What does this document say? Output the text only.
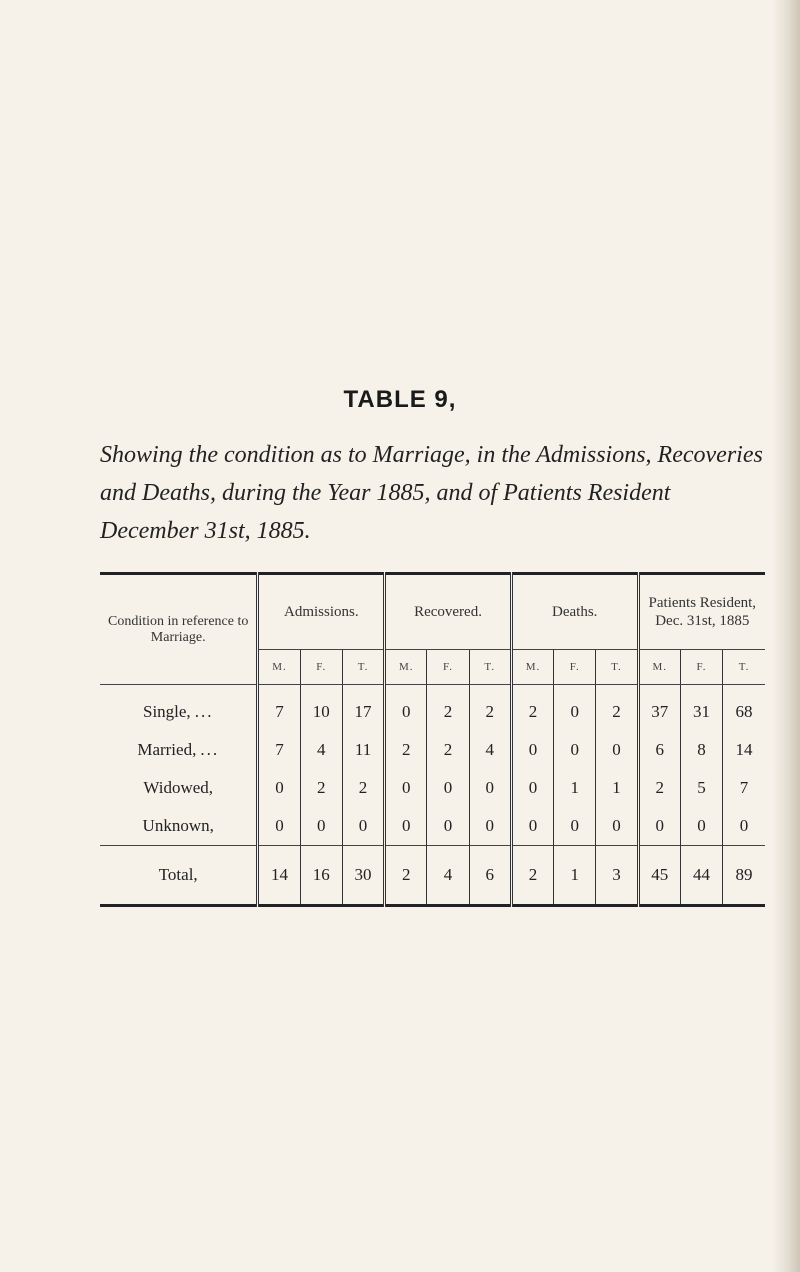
TABLE 9,
Showing the condition as to Marriage, in the Admissions, Recoveries and Deaths, during the Year 1885, and of Patients Resident December 31st, 1885.
Condition in reference to Marriage.	Admissions.			Recovered.			Deaths.			Patients Resident, Dec. 31st, 1885		
	M.	F.	T.	M.	F.	T.	M.	F.	T.	M.	F.	T.
Single, ...	7	10	17	0	2	2	2	0	2	37	31	68
Married, ...	7	4	11	2	2	4	0	0	0	6	8	14
Widowed,	0	2	2	0	0	0	0	1	1	2	5	7
Unknown,	0	0	0	0	0	0	0	0	0	0	0	0
Total,	14	16	30	2	4	6	2	1	3	45	44	89
